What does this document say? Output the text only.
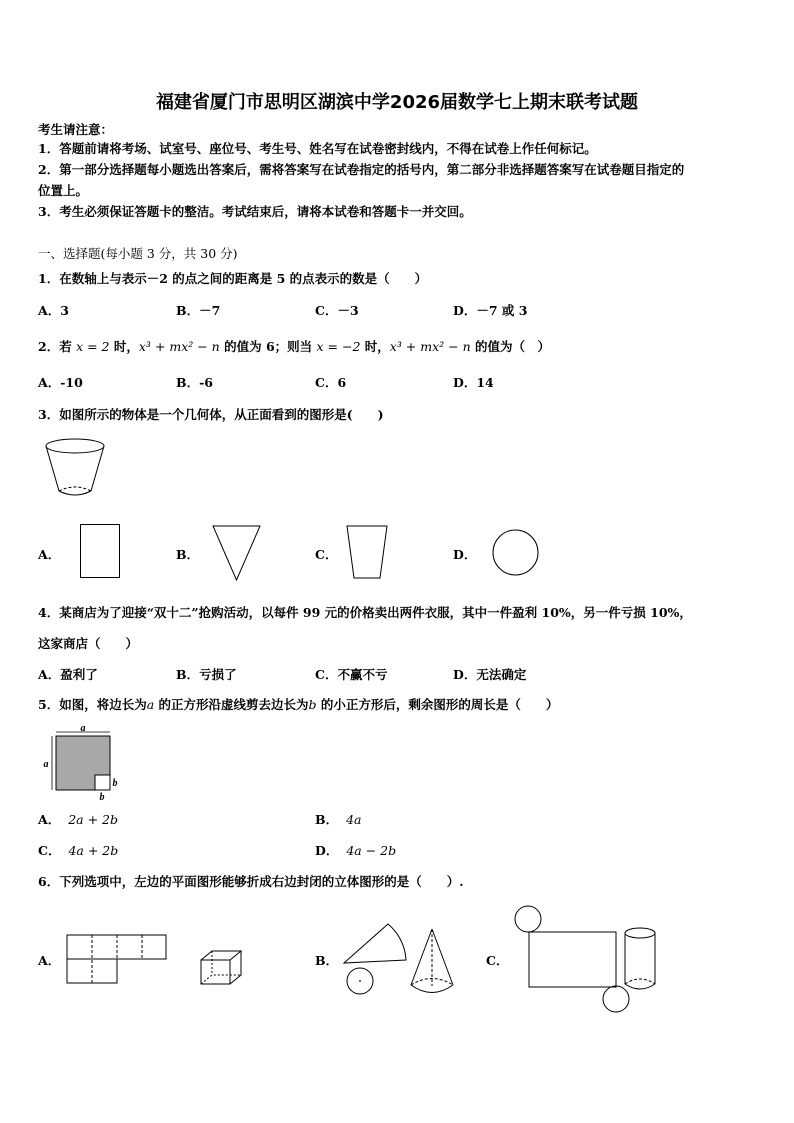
福建省厦门市思明区湖滨中学2026届数学七上期末联考试题
考生请注意：
1．答题前请将考场、试室号、座位号、考生号、姓名写在试卷密封线内，不得在试卷上作任何标记。
2．第一部分选择题每小题选出答案后，需将答案写在试卷指定的括号内，第二部分非选择题答案写在试卷题目指定的
位置上。
3．考生必须保证答题卡的整洁。考试结束后，请将本试卷和答题卡一并交回。
一、选择题(每小题 3 分，共 30 分)
1．在数轴上与表示－2 的点之间的距离是 5 的点表示的数是（　　）
A．3	B．－7	C．－3	D．－7 或 3
2．若 x = 2 时，x³ + mx² − n 的值为 6；则当 x = −2 时，x³ + mx² − n 的值为（　）
A．-10	B．-6	C．6	D．14
3．如图所示的物体是一个几何体，从正面看到的图形是(　　)
A．	B．	C．	D．
4．某商店为了迎接“双十二”抢购活动，以每件 99 元的价格卖出两件衣服，其中一件盈利 10%，另一件亏损 10%，
这家商店（　　）
A．盈利了	B．亏损了	C．不赢不亏	D．无法确定
5．如图，将边长为a 的正方形沿虚线剪去边长为b 的小正方形后，剩余图形的周长是（　　）
a
a
b
b
A． 2a + 2b	B． 4a
C． 4a + 2b	D． 4a − 2b
6．下列选项中，左边的平面图形能够折成右边封闭的立体图形的是（　　）.
A．	B．	C．
